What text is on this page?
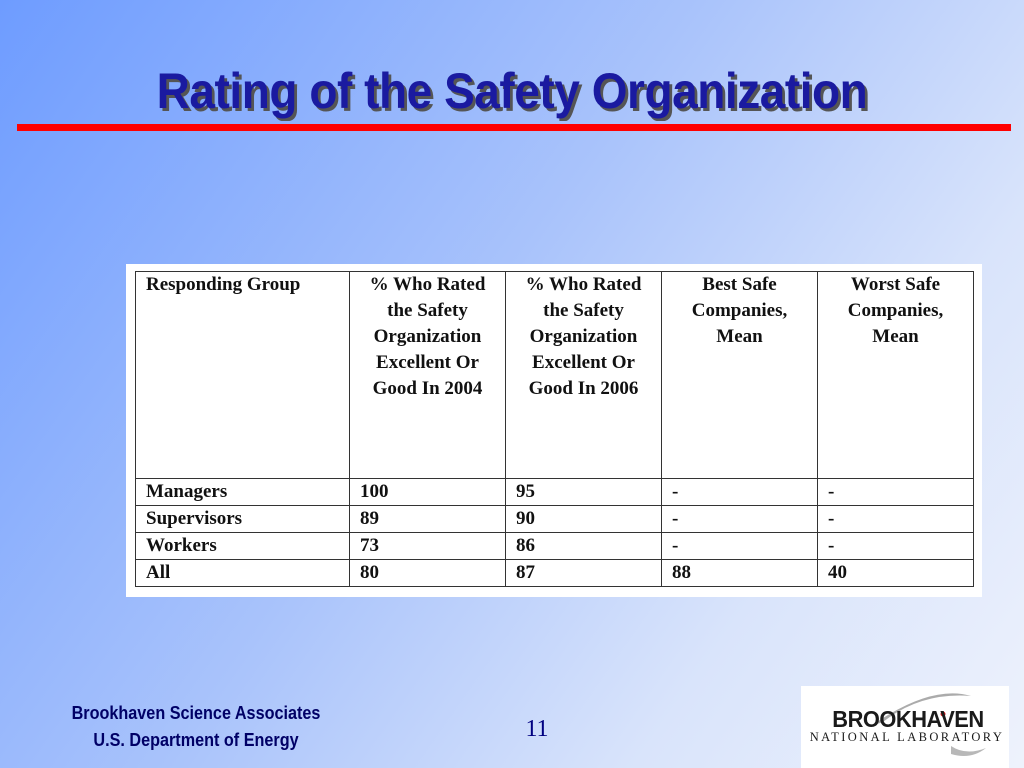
Rating of the Safety Organization
Responding Group	% Who Rated the Safety Organization Excellent Or Good In 2004	% Who Rated the Safety Organization Excellent Or Good In 2006	Best Safe Companies, Mean	Worst Safe Companies, Mean
Managers	100	95	-	-
Supervisors	89	90	-	-
Workers	73	86	-	-
All	80	87	88	40
Brookhaven Science Associates
U.S. Department of Energy	11	BROOKHAVEN
NATIONAL LABORATORY
